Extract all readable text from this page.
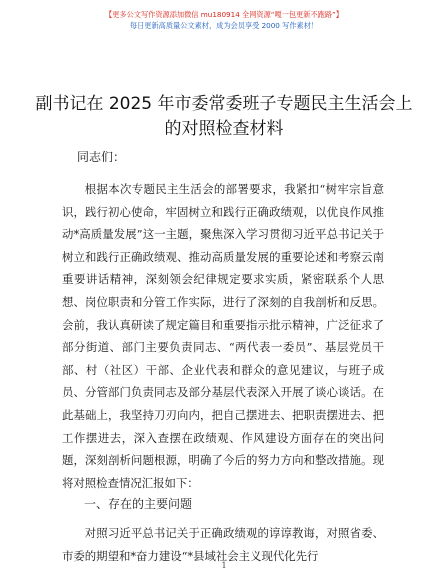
【更多公文写作资源添加微信 mu180914 全网资源“嘎一包更新不跑路”】
每日更新高质量公文素材，成为会员享受 2000 写作素材！
副书记在 2025 年市委常委班子专题民主生活会上的对照检查材料
同志们：

根据本次专题民主生活会的部署要求，我紧扣“树牢宗旨意识，践行初心使命，牢固树立和践行正确政绩观，以优良作风推动*高质量发展”这一主题，聚焦深入学习贯彻习近平总书记关于树立和践行正确政绩观、推动高质量发展的重要论述和考察云南重要讲话精神，深刻领会纪律规定要求实质，紧密联系个人思想、岗位职责和分管工作实际，进行了深刻的自我剖析和反思。会前，我认真研读了规定篇目和重要指示批示精神，广泛征求了部分街道、部门主要负责同志、“两代表一委员”、基层党员干部、村（社区）干部、企业代表和群众的意见建议，与班子成员、分管部门负责同志及部分基层代表深入开展了谈心谈话。在此基础上，我坚持刀刃向内，把自己摆进去、把职责摆进去、把工作摆进去，深入查摆在政绩观、作风建设方面存在的突出问题，深刻剖析问题根源，明确了今后的努力方向和整改措施。现将对照检查情况汇报如下：

一、存在的主要问题

对照习近平总书记关于正确政绩观的谆谆教诲，对照省委、市委的期望和*奋力建设“*县域社会主义现代化先行

1
